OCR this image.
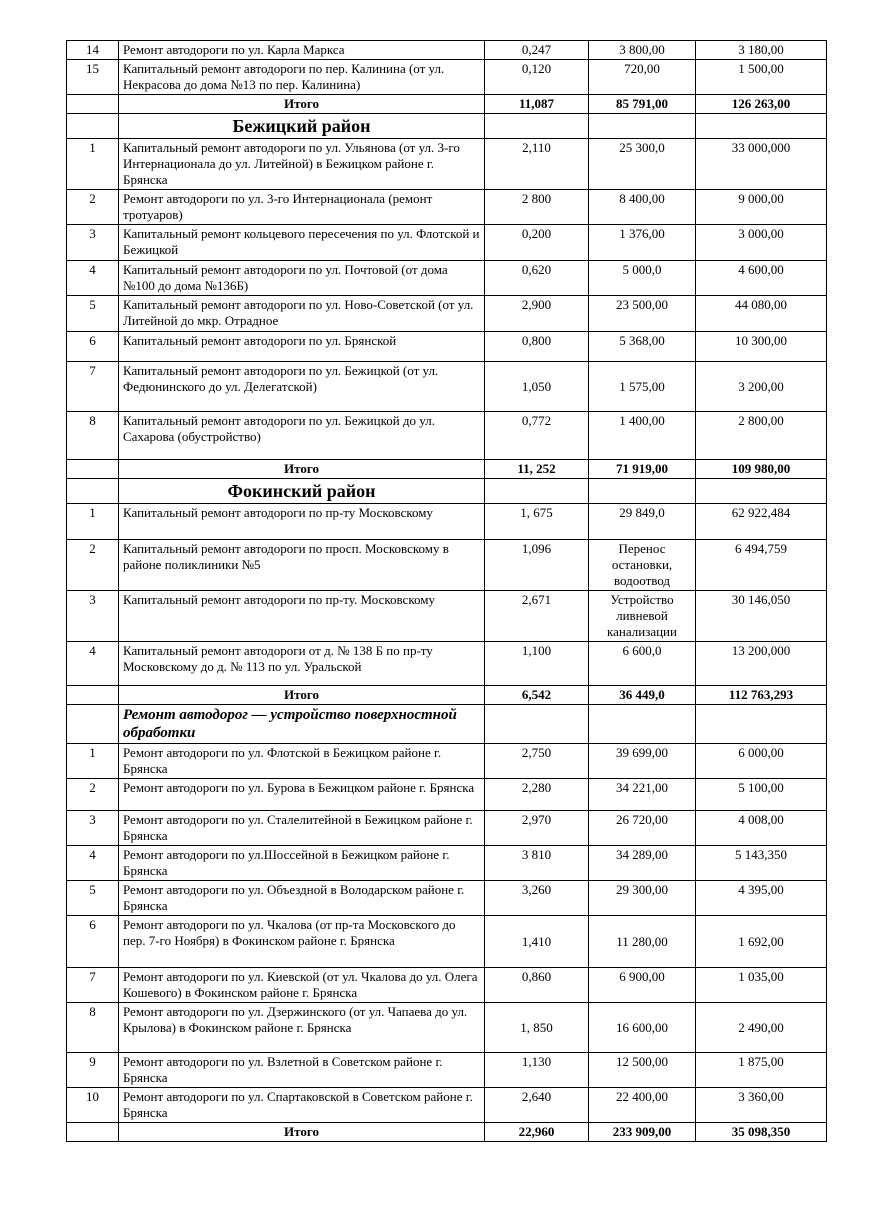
14	Ремонт автодороги по ул. Карла Маркса	0,247	3 800,00	3 180,00
15	Капитальный ремонт автодороги по пер. Калинина (от ул. Некрасова до дома №13 по пер. Калинина)	0,120	720,00	1 500,00
	Итого	11,087	85 791,00	126 263,00
	Бежицкий район			
1	Капитальный ремонт автодороги по ул. Ульянова (от ул. 3-го Интернационала до ул. Литейной) в Бежицком районе г. Брянска	2,110	25 300,0	33 000,000
2	Ремонт автодороги по ул. 3-го Интернационала (ремонт тротуаров)	2 800	8 400,00	9 000,00
3	Капитальный ремонт кольцевого пересечения по ул. Флотской и Бежицкой	0,200	1 376,00	3 000,00
4	Капитальный ремонт автодороги по ул. Почтовой (от дома №100 до дома №136Б)	0,620	5 000,0	4 600,00
5	Капитальный ремонт автодороги по ул. Ново-Советской (от ул. Литейной до мкр. Отрадное	2,900	23 500,00	44 080,00
6	Капитальный ремонт автодороги по ул. Брянской	0,800	5 368,00	10 300,00
7	Капитальный ремонт автодороги по ул. Бежицкой (от ул. Федюнинского до ул. Делегатской)	1,050	1 575,00	3 200,00
8	Капитальный ремонт автодороги по ул. Бежицкой до ул. Сахарова (обустройство)	0,772	1 400,00	2 800,00
	Итого	11, 252	71 919,00	109 980,00
	Фокинский район			
1	Капитальный ремонт автодороги по пр-ту Московскому	1, 675	29 849,0	62 922,484
2	Капитальный ремонт автодороги по просп. Московскому в районе поликлиники №5	1,096	Перенос остановки, водоотвод	6 494,759
3	Капитальный ремонт автодороги по пр-ту. Московскому	2,671	Устройство ливневой канализации	30 146,050
4	Капитальный ремонт автодороги от д. № 138 Б по пр-ту Московскому до д. № 113 по ул. Уральской	1,100	6 600,0	13 200,000
	Итого	6,542	36 449,0	112 763,293
	Ремонт автодорог — устройство поверхностной обработки			
1	Ремонт автодороги по ул. Флотской в Бежицком районе г. Брянска	2,750	39 699,00	6 000,00
2	Ремонт автодороги по ул. Бурова в Бежицком районе г. Брянска	2,280	34 221,00	5 100,00
3	Ремонт автодороги по ул. Сталелитейной в Бежицком районе г. Брянска	2,970	26 720,00	4 008,00
4	Ремонт автодороги по ул.Шоссейной в Бежицком районе г. Брянска	3 810	34 289,00	5 143,350
5	Ремонт автодороги по ул. Объездной в Володарском районе г. Брянска	3,260	29 300,00	4 395,00
6	Ремонт автодороги по ул. Чкалова (от пр-та Московского до пер. 7-го Ноября) в Фокинском районе г. Брянска	1,410	11 280,00	1 692,00
7	Ремонт автодороги по ул. Киевской (от ул. Чкалова до ул. Олега Кошевого) в Фокинском районе г. Брянска	0,860	6 900,00	1 035,00
8	Ремонт автодороги по ул. Дзержинского (от ул. Чапаева до ул. Крылова) в Фокинском районе г. Брянска	1, 850	16 600,00	2 490,00
9	Ремонт автодороги по ул. Взлетной в Советском районе г. Брянска	1,130	12 500,00	1 875,00
10	Ремонт автодороги по ул. Спартаковской в Советском районе г. Брянска	2,640	22 400,00	3 360,00
	Итого	22,960	233 909,00	35 098,350
